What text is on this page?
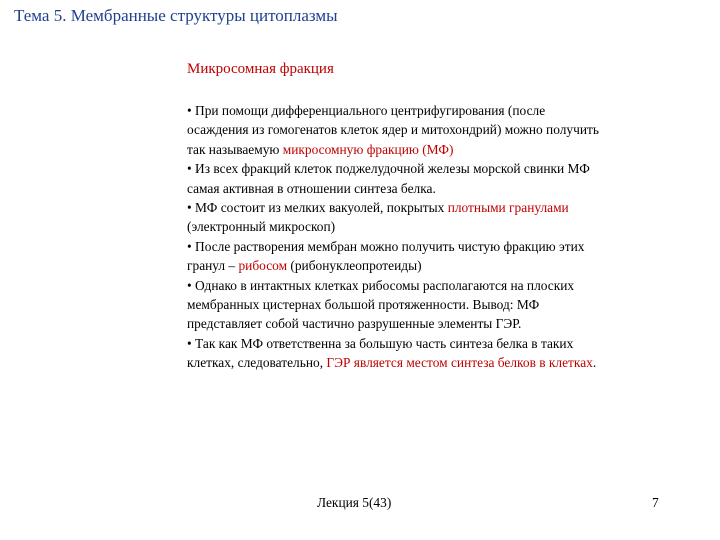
Тема 5. Мембранные структуры цитоплазмы
Микросомная фракция
• При помощи дифференциального центрифугирования (после
осаждения из гомогенатов клеток ядер и митохондрий) можно получить
так называемую микросомную фракцию (МФ)
• Из всех фракций клеток поджелудочной железы морской свинки МФ
самая активная в отношении синтеза белка.
• МФ состоит из мелких вакуолей, покрытых плотными гранулами
(электронный микроскоп)
• После растворения мембран можно получить чистую фракцию этих
гранул – рибосом (рибонуклеопротеиды)
• Однако в интактных клетках рибосомы располагаются на плоских
мембранных цистернах большой протяженности. Вывод: МФ
представляет собой частично разрушенные элементы ГЭР.
• Так как МФ ответственна за большую часть синтеза белка в таких
клетках, следовательно, ГЭР является местом синтеза белков в клетках.
Лекция 5(43)	7
